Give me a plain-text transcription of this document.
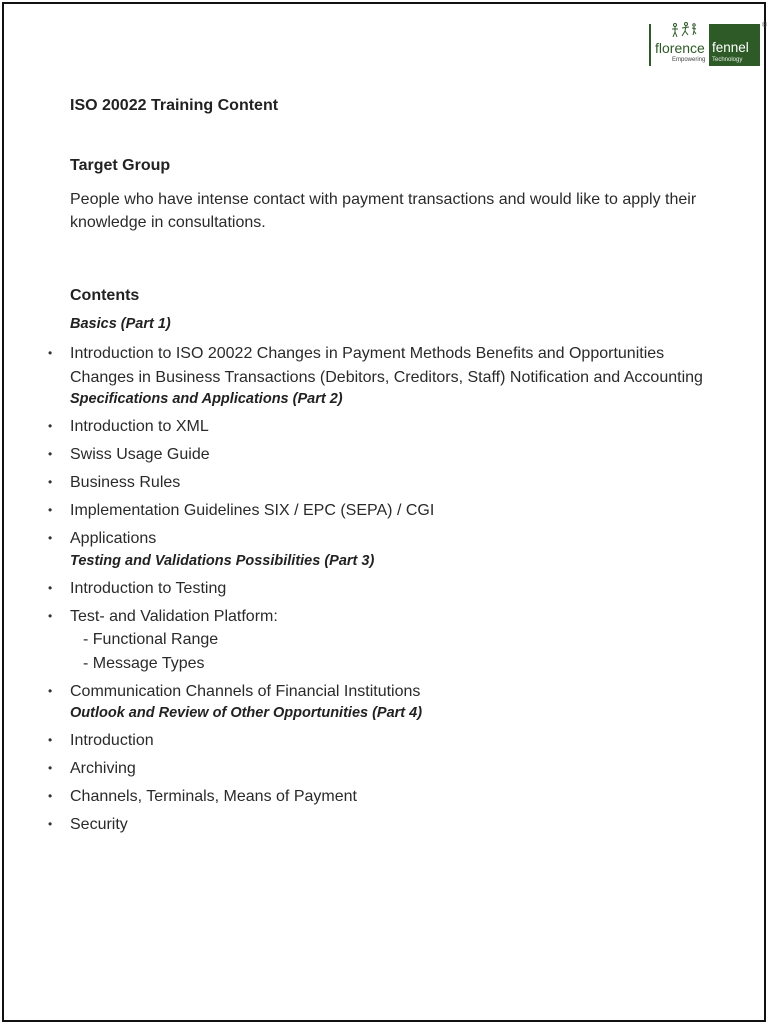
florence
Empowering
fennel
Technology
®

ISO 20022 Training Content

Target Group

People who have intense contact with payment transactions and would like to apply their knowledge in consultations.

Contents

Basics (Part 1)
• Introduction to ISO 20022 Changes in Payment Methods Benefits and Opportunities Changes in Business Transactions (Debitors, Creditors, Staff) Notification and Accounting
Specifications and Applications (Part 2)
• Introduction to XML
• Swiss Usage Guide
• Business Rules
• Implementation Guidelines SIX / EPC (SEPA) / CGI
• Applications
Testing and Validations Possibilities (Part 3)
• Introduction to Testing
• Test- and Validation Platform:
- Functional Range
- Message Types
• Communication Channels of Financial Institutions
Outlook and Review of Other Opportunities (Part 4)
• Introduction
• Archiving
• Channels, Terminals, Means of Payment
• Security
